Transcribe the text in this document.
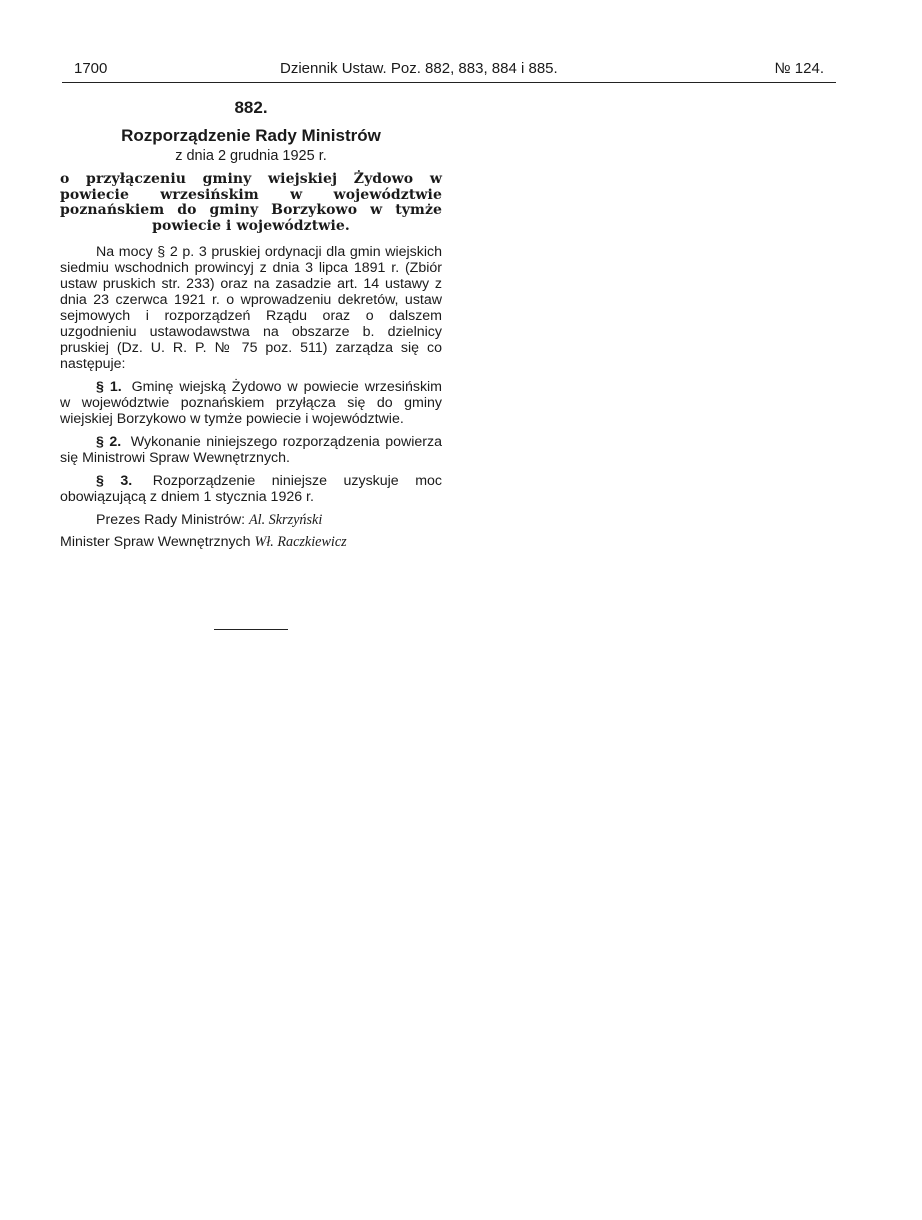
1700	Dziennik Ustaw. Poz. 882, 883, 884 i 885.	№ 124.
882.
Rozporządzenie Rady Ministrów
z dnia 2 grudnia 1925 r.
o przyłączeniu gminy wiejskiej Żydowo w powiecie wrzesińskim w województwie poznańskiem do gminy Borzykowo w tymże powiecie i województwie.

Na mocy § 2 p. 3 pruskiej ordynacji dla gmin wiejskich siedmiu wschodnich prowincyj z dnia 3 lipca 1891 r. (Zbiór ustaw pruskich str. 233) oraz na zasadzie art. 14 ustawy z dnia 23 czerwca 1921 r. o wprowadzeniu dekretów, ustaw sejmowych i rozporządzeń Rządu oraz o dalszem uzgodnieniu ustawodawstwa na obszarze b. dzielnicy pruskiej (Dz. U. R. P. № 75 poz. 511) zarządza się co następuje:

§ 1. Gminę wiejską Żydowo w powiecie wrzesińskim w województwie poznańskiem przyłącza się do gminy wiejskiej Borzykowo w tymże powiecie i województwie.

§ 2. Wykonanie niniejszego rozporządzenia powierza się Ministrowi Spraw Wewnętrznych.

§ 3. Rozporządzenie niniejsze uzyskuje moc obowiązującą z dniem 1 stycznia 1926 r.

Prezes Rady Ministrów: Al. Skrzyński
Minister Spraw Wewnętrznych Wł. Raczkiewicz
